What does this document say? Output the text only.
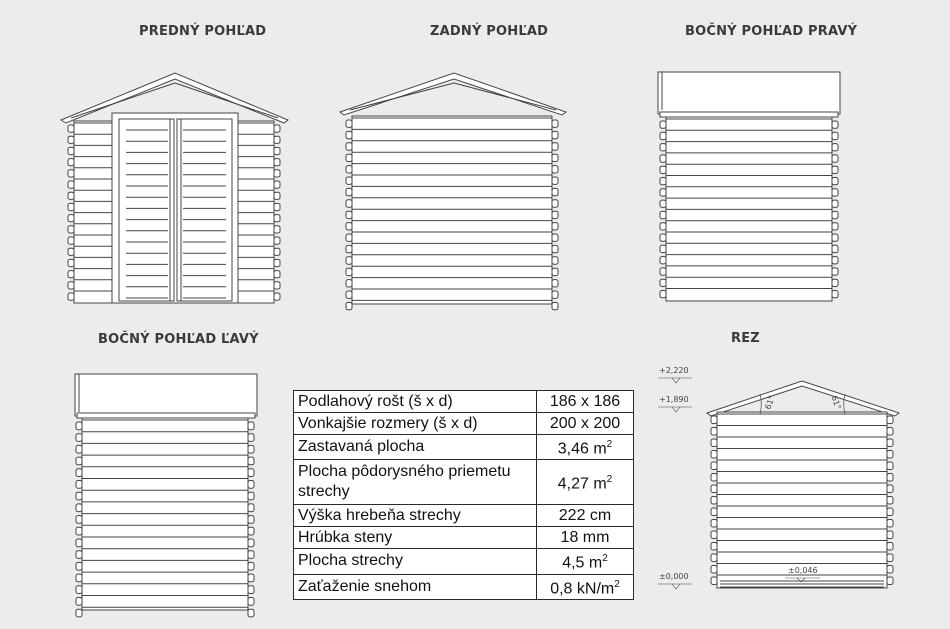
PREDNÝ POHĽAD	ZADNÝ POHĽAD	BOČNÝ POHĽAD PRAVÝ
BOČNÝ POHĽAD ĽAVÝ	REZ
+2,220
+1,890
±0,000
±0,046
61°	61°
Podlahový rošt (š x d)	186 x 186
Vonkajšie rozmery (š x d)	200 x 200
Zastavaná plocha	3,46 $m^2$
Plocha pôdorysného priemetu strechy	4,27 $m^2$
Výška hrebeňa strechy	222 cm
Hrúbka steny	18 mm
Plocha strechy	4,5 $m^2$
Zaťaženie snehom	0,8 $kN/m^2$
